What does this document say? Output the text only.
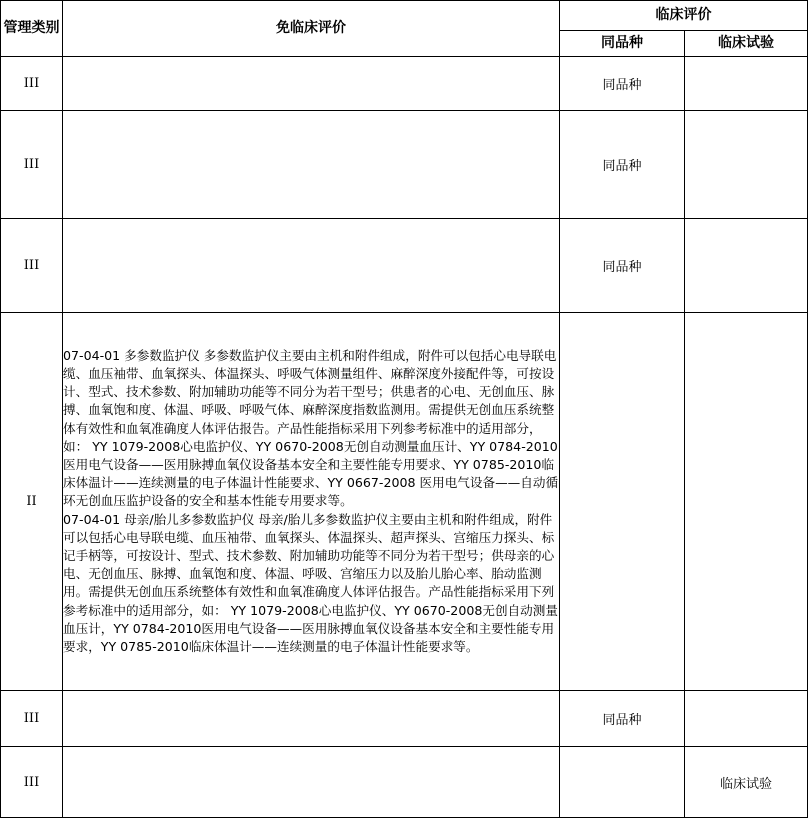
管理类别	免临床评价	临床评价	
		同品种	临床试验
III		同品种	
III		同品种	
III		同品种	
II	07-04-01 多参数监护仪 多参数监护仪主要由主机和附件组成，附件可以包括心电导联电缆、血压袖带、血氧探头、体温探头、呼吸气体测量组件、麻醉深度外接配件等，可按设计、型式、技术参数、附加辅助功能等不同分为若干型号；供患者的心电、无创血压、脉搏、血氧饱和度、体温、呼吸、呼吸气体、麻醉深度指数监测用。需提供无创血压系统整体有效性和血氧准确度人体评估报告。产品性能指标采用下列参考标准中的适用部分，如： YY 1079-2008心电监护仪、YY 0670-2008无创自动测量血压计、YY 0784-2010医用电气设备——医用脉搏血氧仪设备基本安全和主要性能专用要求、YY 0785-2010临床体温计——连续测量的电子体温计性能要求、YY 0667-2008 医用电气设备——自动循环无创血压监护设备的安全和基本性能专用要求等。

07-04-01 母亲/胎儿多参数监护仪 母亲/胎儿多参数监护仪主要由主机和附件组成，附件可以包括心电导联电缆、血压袖带、血氧探头、体温探头、超声探头、宫缩压力探头、标记手柄等，可按设计、型式、技术参数、附加辅助功能等不同分为若干型号；供母亲的心电、无创血压、脉搏、血氧饱和度、体温、呼吸、宫缩压力以及胎儿胎心率、胎动监测用。需提供无创血压系统整体有效性和血氧准确度人体评估报告。产品性能指标采用下列参考标准中的适用部分，如： YY 1079-2008心电监护仪、YY 0670-2008无创自动测量血压计，YY 0784-2010医用电气设备——医用脉搏血氧仪设备基本安全和主要性能专用要求，YY 0785-2010临床体温计——连续测量的电子体温计性能要求等。		

III		同品种	
III			临床试验
